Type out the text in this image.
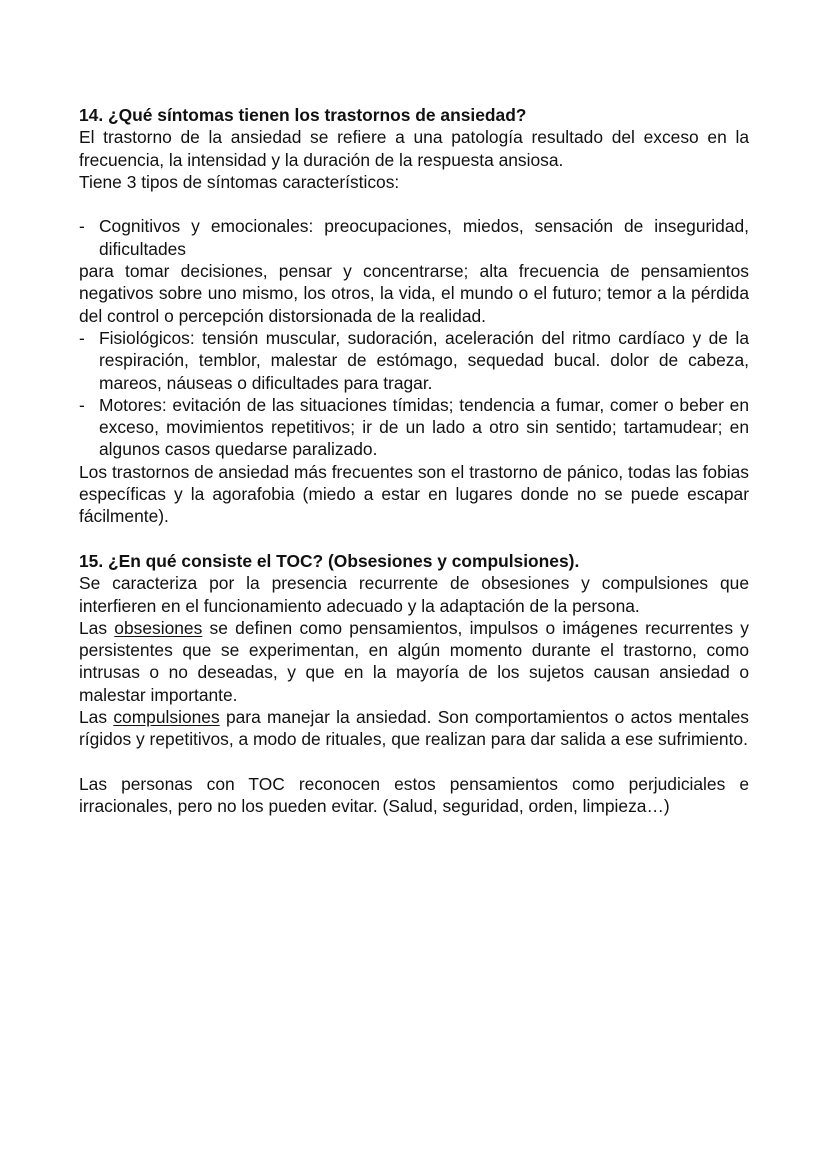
14. ¿Qué síntomas tienen los trastornos de ansiedad?

El trastorno de la ansiedad se refiere a una patología resultado del exceso en la frecuencia, la intensidad y la duración de la respuesta ansiosa.

Tiene 3 tipos de síntomas característicos:

- Cognitivos y emocionales: preocupaciones, miedos, sensación de inseguridad, dificultades

para tomar decisiones, pensar y concentrarse; alta frecuencia de pensamientos negativos sobre uno mismo, los otros, la vida, el mundo o el futuro; temor a la pérdida del control o percepción distorsionada de la realidad.

- Fisiológicos: tensión muscular, sudoración, aceleración del ritmo cardíaco y de la respiración, temblor, malestar de estómago, sequedad bucal. dolor de cabeza, mareos, náuseas o dificultades para tragar.

- Motores: evitación de las situaciones tímidas; tendencia a fumar, comer o beber en exceso, movimientos repetitivos; ir de un lado a otro sin sentido; tartamudear; en algunos casos quedarse paralizado.

Los trastornos de ansiedad más frecuentes son el trastorno de pánico, todas las fobias específicas y la agorafobia (miedo a estar en lugares donde no se puede escapar fácilmente).

15. ¿En qué consiste el TOC? (Obsesiones y compulsiones).

Se caracteriza por la presencia recurrente de obsesiones y compulsiones que interfieren en el funcionamiento adecuado y la adaptación de la persona.

Las obsesiones se definen como pensamientos, impulsos o imágenes recurrentes y persistentes que se experimentan, en algún momento durante el trastorno, como intrusas o no deseadas, y que en la mayoría de los sujetos causan ansiedad o malestar importante.

Las compulsiones para manejar la ansiedad. Son comportamientos o actos mentales rígidos y repetitivos, a modo de rituales, que realizan para dar salida a ese sufrimiento.

Las personas con TOC reconocen estos pensamientos como perjudiciales e irracionales, pero no los pueden evitar. (Salud, seguridad, orden, limpieza…)
